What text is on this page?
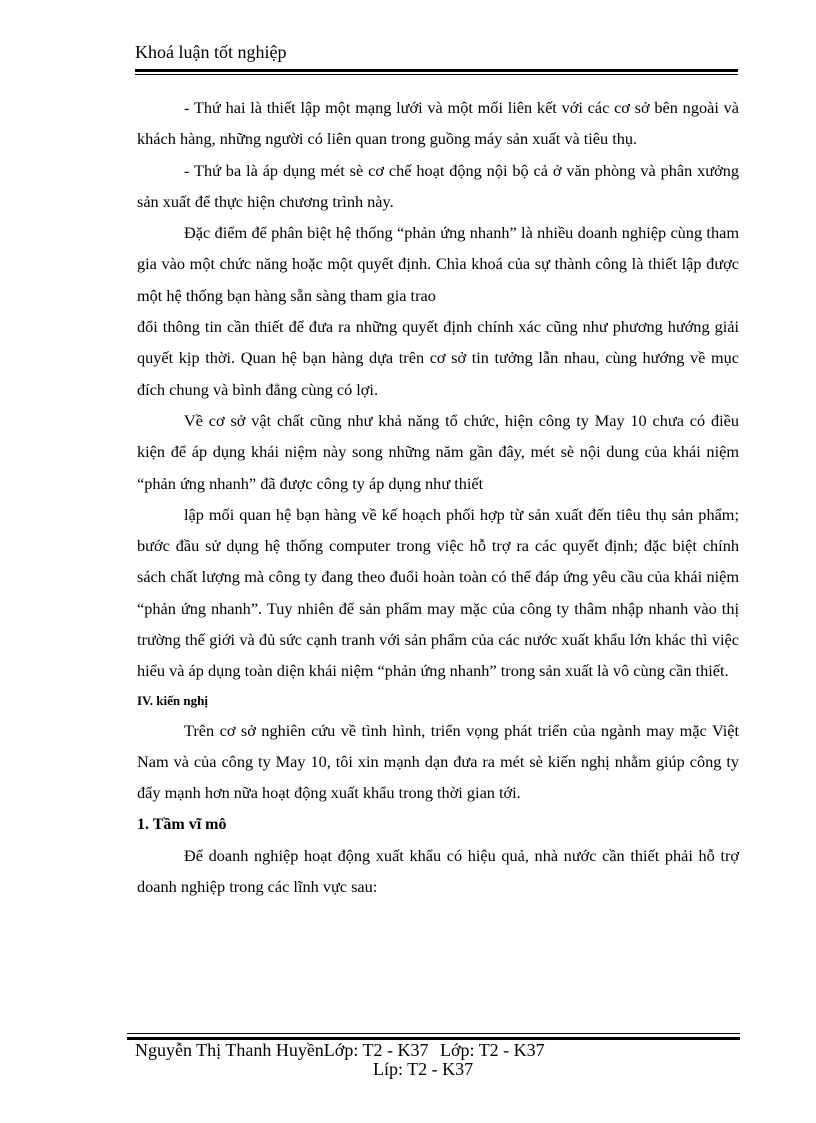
Khoá luận tốt nghiệp

- Thứ hai là thiết lập một mạng lưới và một mối liên kết với các cơ sở bên ngoài và khách hàng, những người có liên quan trong guồng máy sản xuất và tiêu thụ.

- Thứ ba là áp dụng mét sè cơ chế hoạt động nội bộ cả ở văn phòng và phân xưởng sản xuất để thực hiện chương trình này.

Đặc điểm để phân biệt hệ thống “phản ứng nhanh” là nhiều doanh nghiệp cùng tham gia vào một chức năng hoặc một quyết định. Chìa khoá của sự thành công là thiết lập được một hệ thống bạn hàng sẵn sàng tham gia trao

đổi thông tin cần thiết để đưa ra những quyết định chính xác cũng như phương hướng giải quyết kịp thời. Quan hệ bạn hàng dựa trên cơ sở tin tưởng lẫn nhau, cùng hướng về mục đích chung và bình đẳng cùng có lợi.

Về cơ sở vật chất cũng như khả năng tổ chức, hiện công ty May 10 chưa có điều kiện để áp dụng khái niệm này song những năm gần đây, mét sè nội dung của khái niệm “phản ứng nhanh” đã được công ty áp dụng như thiết

lập mối quan hệ bạn hàng về kế hoạch phối hợp từ sản xuất đến tiêu thụ sản phẩm; bước đầu sử dụng hệ thống computer trong việc hỗ trợ ra các quyết định; đặc biệt chính sách chất lượng mà công ty đang theo đuổi hoàn toàn có thể đáp ứng yêu cầu của khái niệm “phản ứng nhanh”. Tuy nhiên để sản phẩm may mặc của công ty thâm nhập nhanh vào thị trường thế giới và đủ sức cạnh tranh với sản phẩm của các nước xuất khẩu lớn khác thì việc hiểu và áp dụng toàn diện khái niệm “phản ứng nhanh” trong sản xuất là vô cùng cần thiết.

IV. kiến nghị

Trên cơ sở nghiên cứu về tình hình, triển vọng phát triển của ngành may mặc Việt Nam và của công ty May 10, tôi xin mạnh dạn đưa ra mét sè kiến nghị nhằm giúp công ty đẩy mạnh hơn nữa hoạt động xuất khẩu trong thời gian tới.

1. Tầm vĩ mô

Để doanh nghiệp hoạt động xuất khẩu có hiệu quả, nhà nước cần thiết phải hỗ trợ doanh nghiệp trong các lĩnh vực sau:

Nguyễn Thị Thanh HuyềnLớp: T2 - K37 Lớp: T2 - K37
Líp: T2 - K37
